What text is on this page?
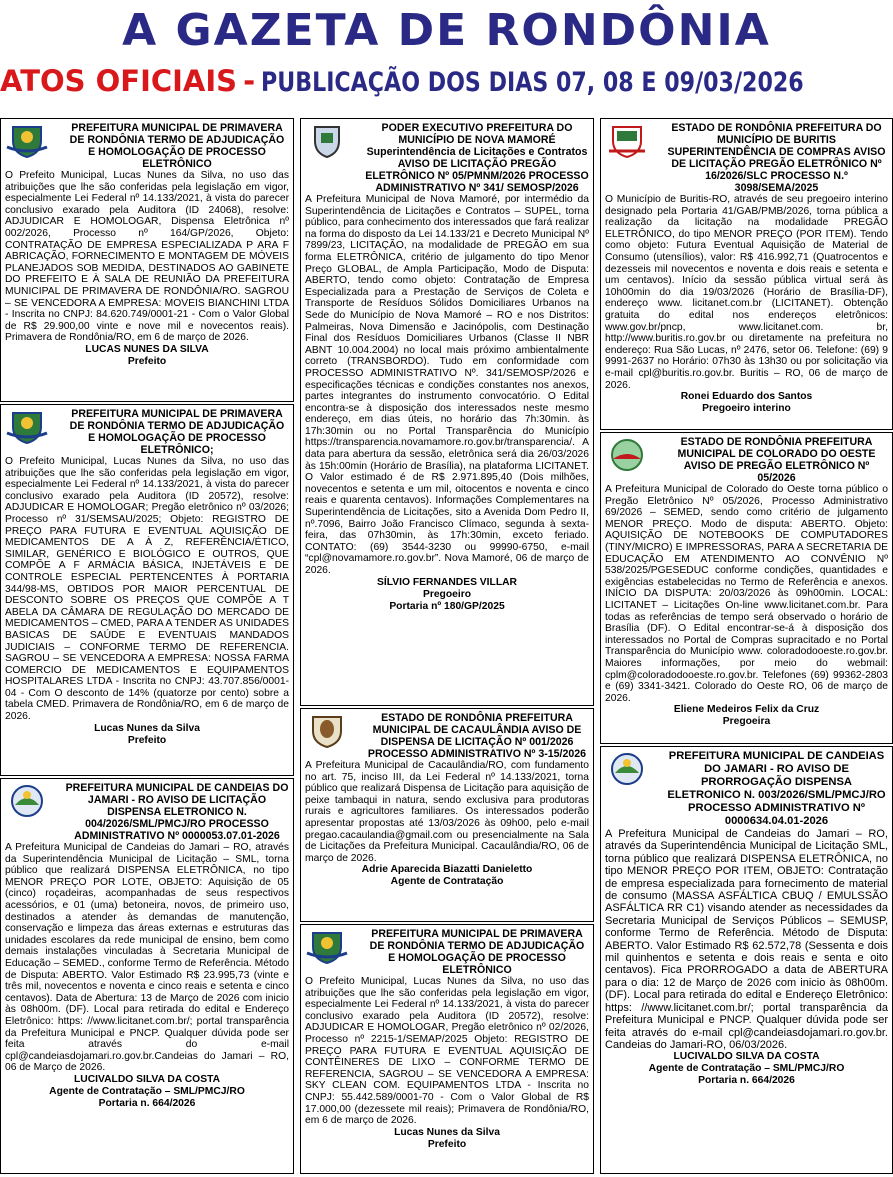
A GAZETA DE RONDÔNIA
ATOS OFICIAIS - PUBLICAÇÃO DOS DIAS 07, 08 E 09/03/2026
PREFEITURA MUNICIPAL DE PRIMAVERA DE RONDÔNIA TERMO DE ADJUDICAÇÃO E HOMOLOGAÇÃO DE PROCESSO ELETRÔNICO
O Prefeito Municipal, Lucas Nunes da Silva, no uso das atribuições que lhe são conferidas pela legislação em vigor, especialmente Lei Federal nº 14.133/2021, à vista do parecer conclusivo exarado pela Auditora (ID 24068), resolve: ADJUDICAR E HOMOLOGAR, Dispensa Eletrônica nº 002/2026, Processo nº 164/GP/2026, Objeto: CONTRATAÇÃO DE EMPRESA ESPECIALIZADA P ARA F ABRICAÇÃO, FORNECIMENTO E MONTAGEM DE MÓVEIS PLANEJADOS SOB MEDIDA, DESTINADOS AO GABINETE DO PREFEITO E À SALA DE REUNIÃO DA PREFEITURA MUNICIPAL DE PRIMAVERA DE RONDÔNIA/RO. SAGROU – SE VENCEDORA A EMPRESA: MOVEIS BIANCHINI LTDA - Inscrita no CNPJ: 84.620.749/0001-21 - Com o Valor Global de R$ 29.900,00 vinte e nove mil e novecentos reais). Primavera de Rondônia/RO, em 6 de março de 2026.
LUCAS NUNES DA SILVA
Prefeito
PREFEITURA MUNICIPAL DE PRIMAVERA DE RONDÔNIA TERMO DE ADJUDICAÇÃO E HOMOLOGAÇÃO DE PROCESSO ELETRÔNICO;
O Prefeito Municipal, Lucas Nunes da Silva, no uso das atribuições que lhe são conferidas pela legislação em vigor, especialmente Lei Federal nº 14.133/2021, à vista do parecer conclusivo exarado pela Auditora (ID 20572), resolve: ADJUDICAR E HOMOLOGAR; Pregão eletrônico nº 03/2026; Processo nº 31/SEMSAU/2025; Objeto: REGISTRO DE PREÇO PARA FUTURA E EVENTUAL AQUISIÇÃO DE MEDICAMENTOS DE A À Z, REFERÊNCIA/ÉTICO, SIMILAR, GENÉRICO E BIOLÓGICO E OUTROS, QUE COMPÕE A F ARMÁCIA BÁSICA, INJETÁVEIS E DE CONTROLE ESPECIAL PERTENCENTES À PORTARIA 344/98-MS, OBTIDOS POR MAIOR PERCENTUAL DE DESCONTO SOBRE OS PREÇOS QUE COMPÕE A T ABELA DA CÂMARA DE REGULAÇÃO DO MERCADO DE MEDICAMENTOS – CMED, PARA A TENDER AS UNIDADES BASICAS DE SAÚDE E EVENTUAIS MANDADOS JUDICIAIS – CONFORME TERMO DE REFERENCIA. SAGROU – SE VENCEDORA A EMPRESA: NOSSA FARMA COMERCIO DE MEDICAMENTOS E EQUIPAMENTOS HOSPITALARES LTDA - Inscrita no CNPJ: 43.707.856/0001-04 - Com O desconto de 14% (quatorze por cento) sobre a tabela CMED. Primavera de Rondônia/RO, em 6 de março de 2026.
Lucas Nunes da Silva
Prefeito
PREFEITURA MUNICIPAL DE CANDEIAS DO JAMARI - RO AVISO DE LICITAÇÃO DISPENSA ELETRONICO N. 004/2026/SML/PMCJ/RO PROCESSO ADMINISTRATIVO Nº 0000053.07.01-2026
A Prefeitura Municipal de Candeias do Jamari – RO, através da Superintendência Municipal de Licitação – SML, torna público que realizará DISPENSA ELETRÔNICA, no tipo MENOR PREÇO POR LOTE, OBJETO: Aquisição de 05 (cinco) roçadeiras, acompanhadas de seus respectivos acessórios, e 01 (uma) betoneira, novos, de primeiro uso, destinados a atender às demandas de manutenção, conservação e limpeza das áreas externas e estruturas das unidades escolares da rede municipal de ensino, bem como demais instalações vinculadas à Secretaria Municipal de Educação – SEMED., conforme Termo de Referência. Método de Disputa: ABERTO. Valor Estimado R$ 23.995,73 (vinte e três mil, novecentos e noventa e cinco reais e setenta e cinco centavos). Data de Abertura: 13 de Março de 2026 com inicio às 08h00m. (DF). Local para retirada do edital e Endereço Eletrônico: https: //www.licitanet.com.br/; portal transparência da Prefeitura Municipal e PNCP. Qualquer dúvida pode ser feita através do e-mail cpl@candeiasdojamari.ro.gov.br.Candeias do Jamari – RO, 06 de Março de 2026.
LUCIVALDO SILVA DA COSTA
Agente de Contratação – SML/PMCJ/RO
Portaria n. 664/2026
PODER EXECUTIVO PREFEITURA DO MUNICÍPIO DE NOVA MAMORÉ Superintendência de Licitações e Contratos AVISO DE LICITAÇÃO PREGÃO ELETRÔNICO Nº 05/PMNM/2026 PROCESSO ADMINISTRATIVO Nº 341/ SEMOSP/2026
A Prefeitura Municipal de Nova Mamoré, por intermédio da Superintendência de Licitações e Contratos – SUPEL, torna público, para conhecimento dos interessados que fará realizar na forma do disposto da Lei 14.133/21 e Decreto Municipal Nº 7899/23, LICITAÇÃO, na modalidade de PREGÃO em sua forma ELETRÔNICA, critério de julgamento do tipo Menor Preço GLOBAL, de Ampla Participação, Modo de Disputa: ABERTO, tendo como objeto: Contratação de Empresa Especializada para a Prestação de Serviços de Coleta e Transporte de Resíduos Sólidos Domiciliares Urbanos na Sede do Município de Nova Mamoré – RO e nos Distritos: Palmeiras, Nova Dimensão e Jacinópolis, com Destinação Final dos Resíduos Domiciliares Urbanos (Classe II NBR ABNT 10.004.2004) no local mais próximo ambientalmente correto (TRANSBORDO). Tudo em conformidade com PROCESSO ADMINISTRATIVO Nº. 341/SEMOSP/2026 e especificações técnicas e condições constantes nos anexos, partes integrantes do instrumento convocatório. O Edital encontra-se à disposição dos interessados neste mesmo endereço, em dias úteis, no horário das 7h:30min. às 17h:30min ou no Portal Transparência do Município https://transparencia.novamamore.ro.gov.br/transparencia/. A data para abertura da sessão, eletrônica será dia 26/03/2026 às 15h:00min (Horário de Brasília), na plataforma LICITANET. O Valor estimado é de R$ 2.971.895,40 (Dois milhões, novecentos e setenta e um mil, oitocentos e noventa e cinco reais e quarenta centavos). Informações Complementares na Superintendência de Licitações, sito a Avenida Dom Pedro II, nº.7096, Bairro João Francisco Clímaco, segunda à sexta-feira, das 07h30min, às 17h:30min, exceto feriado. CONTATO: (69) 3544-3230 ou 99990-6750, e-mail “cpl@novamamore.ro.gov.br”. Nova Mamoré, 06 de março de 2026.
SÍLVIO FERNANDES VILLAR
Pregoeiro
Portaria nº 180/GP/2025
ESTADO DE RONDÔNIA PREFEITURA MUNICIPAL DE CACAULÂNDIA AVISO DE DISPENSA DE LICITAÇÃO Nº 001/2026 PROCESSO ADMINISTRATIVO Nº 3-15/2026
A Prefeitura Municipal de Cacaulândia/RO, com fundamento no art. 75, inciso III, da Lei Federal nº 14.133/2021, torna público que realizará Dispensa de Licitação para aquisição de peixe tambaqui in natura, sendo exclusiva para produtoras rurais e agricultores familiares. Os interessados poderão apresentar propostas até 13/03/2026 às 09h00, pelo e-mail pregao.cacaulandia@gmail.com ou presencialmente na Sala de Licitações da Prefeitura Municipal. Cacaulândia/RO, 06 de março de 2026.
Adrie Aparecida Biazatti Danieletto
Agente de Contratação
PREFEITURA MUNICIPAL DE PRIMAVERA DE RONDÔNIA TERMO DE ADJUDICAÇÃO E HOMOLOGAÇÃO DE PROCESSO ELETRÔNICO
O Prefeito Municipal, Lucas Nunes da Silva, no uso das atribuições que lhe são conferidas pela legislação em vigor, especialmente Lei Federal nº 14.133/2021, à vista do parecer conclusivo exarado pela Auditora (ID 20572), resolve: ADJUDICAR E HOMOLOGAR, Pregão eletrônico nº 02/2026, Processo nº 2215-1/SEMAP/2025 Objeto: REGISTRO DE PREÇO PARA FUTURA E EVENTUAL AQUISIÇÃO DE CONTÊINERES DE LIXO – CONFORME TERMO DE REFERENCIA, SAGROU – SE VENCEDORA A EMPRESA: SKY CLEAN COM. EQUIPAMENTOS LTDA - Inscrita no CNPJ: 55.442.589/0001-70 - Com o Valor Global de R$ 17.000,00 (dezessete mil reais); Primavera de Rondônia/RO, em 6 de março de 2026.
Lucas Nunes da Silva
Prefeito
ESTADO DE RONDÔNIA PREFEITURA DO MUNICÍPIO DE BURITIS SUPERINTENDÊNCIA DE COMPRAS AVISO DE LICITAÇÃO PREGÃO ELETRÔNICO Nº 16/2026/SLC PROCESSO N.º 3098/SEMA/2025
O Município de Buritis-RO, através de seu pregoeiro interino designado pela Portaria 41/GAB/PMB/2026, torna pública a realização da licitação na modalidade PREGÃO ELETRÔNICO, do tipo MENOR PREÇO (POR ITEM). Tendo como objeto: Futura Eventual Aquisição de Material de Consumo (utensílios), valor: R$ 416.992,71 (Quatrocentos e dezesseis mil novecentos e noventa e dois reais e setenta e um centavos). Início da sessão pública virtual será às 10h00min do dia 19/03/2026 (Horário de Brasília-DF), endereço www. licitanet.com.br (LICITANET). Obtenção gratuita do edital nos endereços eletrônicos: www.gov.br/pncp, www.licitanet.com. br, http://www.buritis.ro.gov.br ou diretamente na prefeitura no endereço: Rua São Lucas, nº 2476, setor 06. Telefone: (69) 9 9991-2637 no Horário: 07h30 às 13h30 ou por solicitação via e-mail cpl@buritis.ro.gov.br. Buritis – RO, 06 de março de 2026.
Ronei Eduardo dos Santos
Pregoeiro interino
ESTADO DE RONDÔNIA PREFEITURA MUNICIPAL DE COLORADO DO OESTE AVISO DE PREGÃO ELETRÔNICO Nº 05/2026
A Prefeitura Municipal de Colorado do Oeste torna público o Pregão Eletrônico Nº 05/2026, Processo Administrativo 69/2026 – SEMED, sendo como critério de julgamento MENOR PREÇO. Modo de disputa: ABERTO. Objeto: AQUISIÇÃO DE NOTEBOOKS DE COMPUTADORES (TINY/MICRO) E IMPRESSORAS, PARA A SECRETARIA DE EDUCAÇÃO EM ATENDIMENTO AO CONVÊNIO Nº 538/2025/PGESEDUC conforme condições, quantidades e exigências estabelecidas no Termo de Referência e anexos. INÍCIO DA DISPUTA: 20/03/2026 às 09h00min. LOCAL: LICITANET – Licitações On-line www.licitanet.com.br. Para todas as referências de tempo será observado o horário de Brasília (DF). O Edital encontrar-se-á à disposição dos interessados no Portal de Compras supracitado e no Portal Transparência do Município www. coloradodooeste.ro.gov.br. Maiores informações, por meio do webmail: cplm@coloradodooeste.ro.gov.br. Telefones (69) 99362-2803 e (69) 3341-3421. Colorado do Oeste RO, 06 de março de 2026.
Eliene Medeiros Felix da Cruz
Pregoeira
PREFEITURA MUNICIPAL DE CANDEIAS DO JAMARI - RO AVISO DE PRORROGAÇÃO DISPENSA ELETRONICO N. 003/2026/SML/PMCJ/RO PROCESSO ADMINISTRATIVO Nº 0000634.04.01-2026
A Prefeitura Municipal de Candeias do Jamari – RO, através da Superintendência Municipal de Licitação SML, torna público que realizará DISPENSA ELETRÔNICA, no tipo MENOR PREÇO POR ITEM, OBJETO: Contratação de empresa especializada para fornecimento de material de consumo (MASSA ASFÁLTICA CBUQ / EMULSSÃO ASFÁLTICA RR C1) visando atender as necessidades da Secretaria Municipal de Serviços Públicos – SEMUSP, conforme Termo de Referência. Método de Disputa: ABERTO. Valor Estimado R$ 62.572,78 (Sessenta e dois mil quinhentos e setenta e dois reais e senta e oito centavos). Fica PRORROGADO a data de ABERTURA para o dia: 12 de Março de 2026 com inicio às 08h00m. (DF). Local para retirada do edital e Endereço Eletrônico: https: //www.licitanet.com.br/; portal transparência da Prefeitura Municipal e PNCP. Qualquer dúvida pode ser feita através do e-mail cpl@candeiasdojamari.ro.gov.br. Candeias do Jamari-RO, 06/03/2026.
LUCIVALDO SILVA DA COSTA
Agente de Contratação – SML/PMCJ/RO
Portaria n. 664/2026
